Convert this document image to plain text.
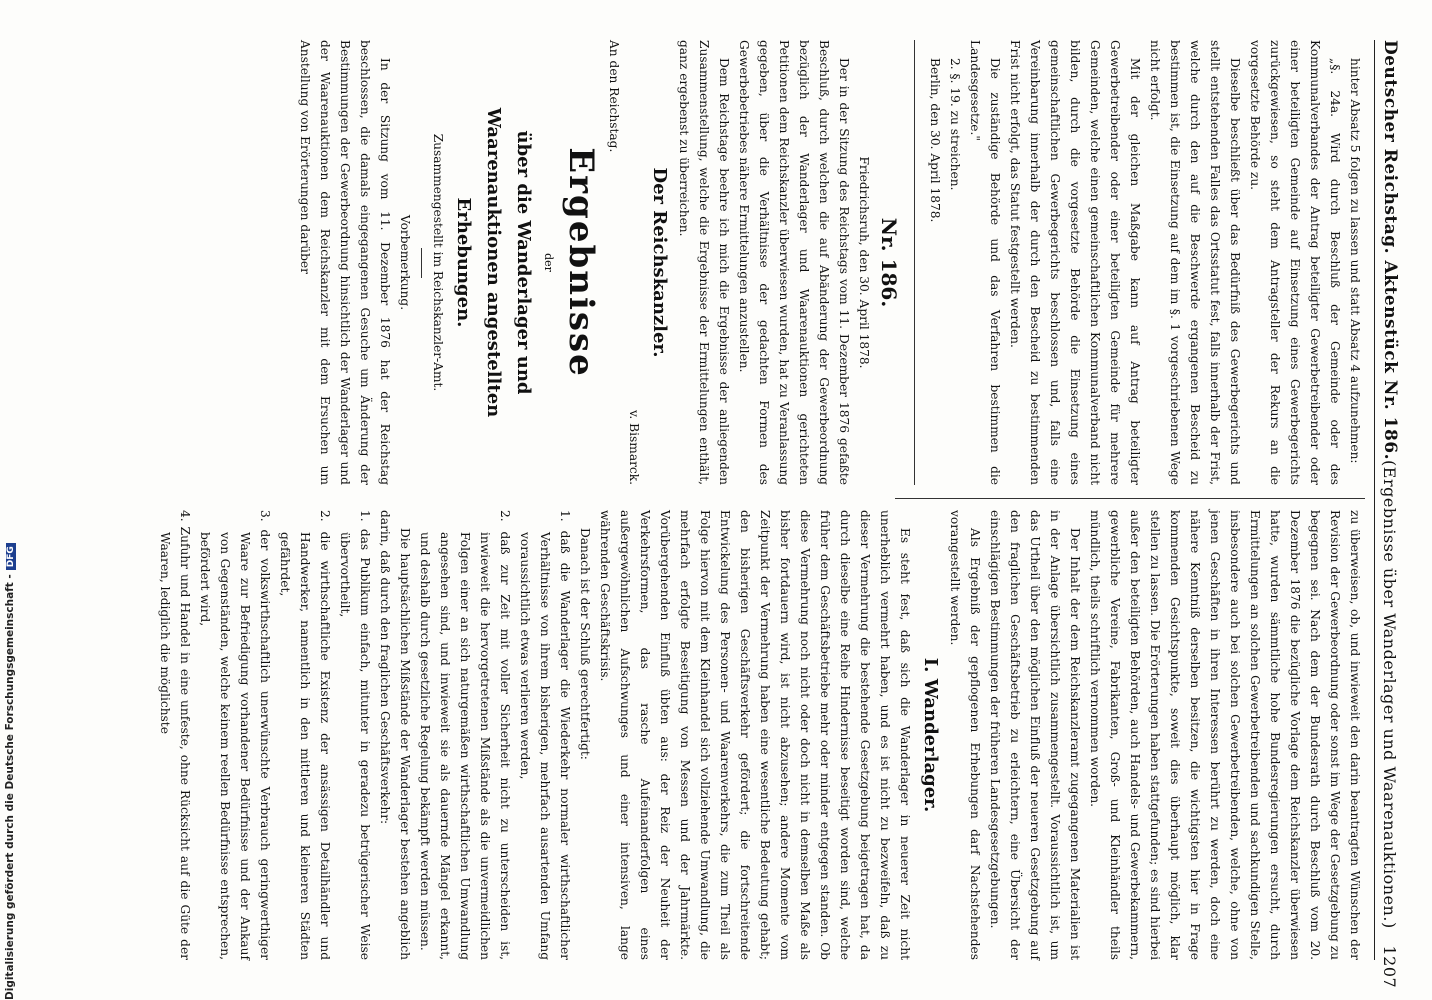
Deutscher Reichstag. Aktenstück Nr. 186.
(Ergebnisse über Wanderlager und Waarenauktionen.)   1207

hinter Absatz 5 folgen zu lassen und statt Absatz 4 aufzunehmen:

„§. 24a. Wird durch Beschluß der Gemeinde oder des Kommunalverbandes der Antrag beteiligter Gewerbetreibender oder einer beteiligten Gemeinde auf Einsetzung eines Gewerbegerichts zurückgewiesen, so steht dem Antragsteller der Rekurs an die vorgesetzte Behörde zu.

Dieselbe beschließt über das Bedürfniß des Gewerbegerichts und stellt entstehenden Falles das Ortsstatut fest, falls innerhalb der Frist, welche durch den auf die Beschwerde ergangenen Bescheid zu bestimmen ist, die Einsetzung auf dem im §. 1 vorgeschriebenen Wege nicht erfolgt.

Mit der gleichen Maßgabe kann auf Antrag beteiligter Gewerbetreibender oder einer beteiligten Gemeinde für mehrere Gemeinden, welche einen gemeinschaftlichen Kommunalverband nicht bilden, durch die vorgesetzte Behörde die Einsetzung eines gemeinschaftlichen Gewerbegerichts beschlossen und, falls eine Vereinbarung innerhalb der durch den Bescheid zu bestimmenden Frist nicht erfolgt, das Statut festgestellt werden.

Die zuständige Behörde und das Verfahren bestimmen die Landesgesetze."

2. §. 19. zu streichen.

Berlin, den 30. April 1878.

Nr. 186.

Friedrichsruh, den 30. April 1878.

Der in der Sitzung des Reichstags vom 11. Dezember 1876 gefaßte Beschluß, durch welchen die auf Abänderung der Gewerbeordnung bezüglich der Wanderlager und Waarenauktionen gerichteten Petitionen dem Reichskanzler überwiesen wurden, hat zu Veranlassung gegeben, über die Verhältnisse der gedachten Formen des Gewerbebetriebes nähere Ermittelungen anzustellen.

Dem Reichstage beehre ich mich die Ergebnisse der anliegenden Zusammenstellung, welche die Ergebnisse der Ermittelungen enthält, ganz ergebenst zu überreichen.

Der Reichskanzler.

v. Bismarck.

An den Reichstag.

Ergebnisse

der

über die Wanderlager und Waarenauktionen angestellten Erhebungen.

Zusammengestellt im Reichskanzler-Amt.

Vorbemerkung.

In der Sitzung vom 11. Dezember 1876 hat der Reichstag beschlossen, die damals eingegangenen Gesuche um Änderung der Bestimmungen der Gewerbeordnung hinsichtlich der Wanderlager und der Waarenauktionen dem Reichskanzler mit dem Ersuchen um Anstellung von Erörterungen darüber

zu überweisen, ob, und inwieweit den darin beantragten Wünschen der Revision der Gewerbeordnung oder sonst im Wege der Gesetzgebung zu begegnen sei. Nach dem der Bundesrath durch Beschluß vom 20. Dezember 1876 die bezügliche Vorlage dem Reichskanzler überwiesen hatte, wurden sämmtliche hohe Bundesregierungen ersucht, durch Ermittelungen an solchen Gewerbetreibenden und sachkundigen Stelle, insbesondere auch bei solchen Gewerbetreibenden, welche, ohne von jenen Geschäften in ihren Interessen berührt zu werden, doch eine nähere Kenntniß derselben besitzen, die wichtigsten hier in Frage kommenden Gesichtspunkte, soweit dies überhaupt möglich, klar stellen zu lassen. Die Erörterungen haben stattgefunden; es sind hierbei außer den beteiligten Behörden, auch Handels- und Gewerbekammern, gewerbliche Vereine, Fabrikanten, Groß- und Kleinhändler theils mündlich, theils schriftlich vernommen worden.

Der Inhalt der dem Reichskanzleramt zugegangenen Materialien ist in der Anlage übersichtlich zusammengestellt. Voraussichtlich ist, um das Urtheil über den möglichen Einfluß der neueren Gesetzgebung auf den fraglichen Geschäftsbetrieb zu erleichtern, eine Übersicht der einschlägigen Bestimmungen der früheren Landesgesetzgebungen.

Als Ergebniß der gepflogenen Erhebungen darf Nachstehendes vorangestellt werden.

I. Wanderlager.

Es steht fest, daß sich die Wanderlager in neuerer Zeit nicht unerheblich vermehrt haben, und es ist nicht zu bezweifeln, daß zu dieser Vermehrung die bestehende Gesetzgebung beigetragen hat, da durch dieselbe eine Reihe Hindernisse beseitigt worden sind, welche früher dem Geschäftsbetriebe mehr oder minder entgegen standen. Ob diese Vermehrung noch nicht oder doch nicht in demselben Maße als bisher fortdauern wird, ist nicht abzusehen; andere Momente vom Zeitpunkt der Vermehrung haben eine wesentliche Bedeutung gehabt; den bisherigen Geschäftsverkehr gefördert; die fortschreitende Entwickelung des Personen- und Waarenverkehrs, die zum Theil als Folge hiervon mit dem Kleinhandel sich vollziehende Umwandlung, die mehrfach erfolgte Beseitigung von Messen und der Jahrmärkte. Vorübergehenden Einfluß übten aus: der Reiz der Neuheit der Verkehrsformen, das rasche Aufeinanderfolgen eines außergewöhnlichen Aufschwunges und einer intensiven, lange währenden Geschäftskrisis.

Danach ist der Schluß gerechtfertigt:

1. daß die Wanderlager die Wiederkehr normaler wirthschaftlicher Verhältnisse von ihrem bisherigen, mehrfach ausartenden Umfang voraussichtlich etwas verlieren werden,

2. daß zur Zeit mit voller Sicherheit nicht zu unterscheiden ist, inwieweit die hervorgetretenen Mißstände als die unvermeidlichen Folgen einer an sich naturgemäßen wirthschaftlichen Umwandlung angesehen sind, und inwieweit sie als dauernde Mängel erkannt, und deshalb durch gesetzliche Regelung bekämpft werden müssen.

Die hauptsächlichen Mißstände der Wanderlager bestehen angeblich darin, daß durch den fraglichen Geschäftsverkehr:

1. das Publikum einfach, mitunter in geradezu betrügerischer Weise übervortheilt,

2. die wirthschaftliche Existenz der ansässigen Detailhändler und Handwerker, namentlich in den mittleren und kleineren Städten gefährdet,

3. der volkswirthschaftlich unerwünschte Verbrauch geringwerthiger Waare zur Befriedigung vorhandener Bedürfnisse und der Ankauf von Gegenständen, welche keinem reellen Bedürfnisse entsprechen, befördert wird,

4. Zufuhr und Handel in eine unfeste, ohne Rücksicht auf die Güte der Waaren, lediglich die möglichste

Digitalisierung gefördert durch die Deutsche Forschungsgemeinschaft -DFG
